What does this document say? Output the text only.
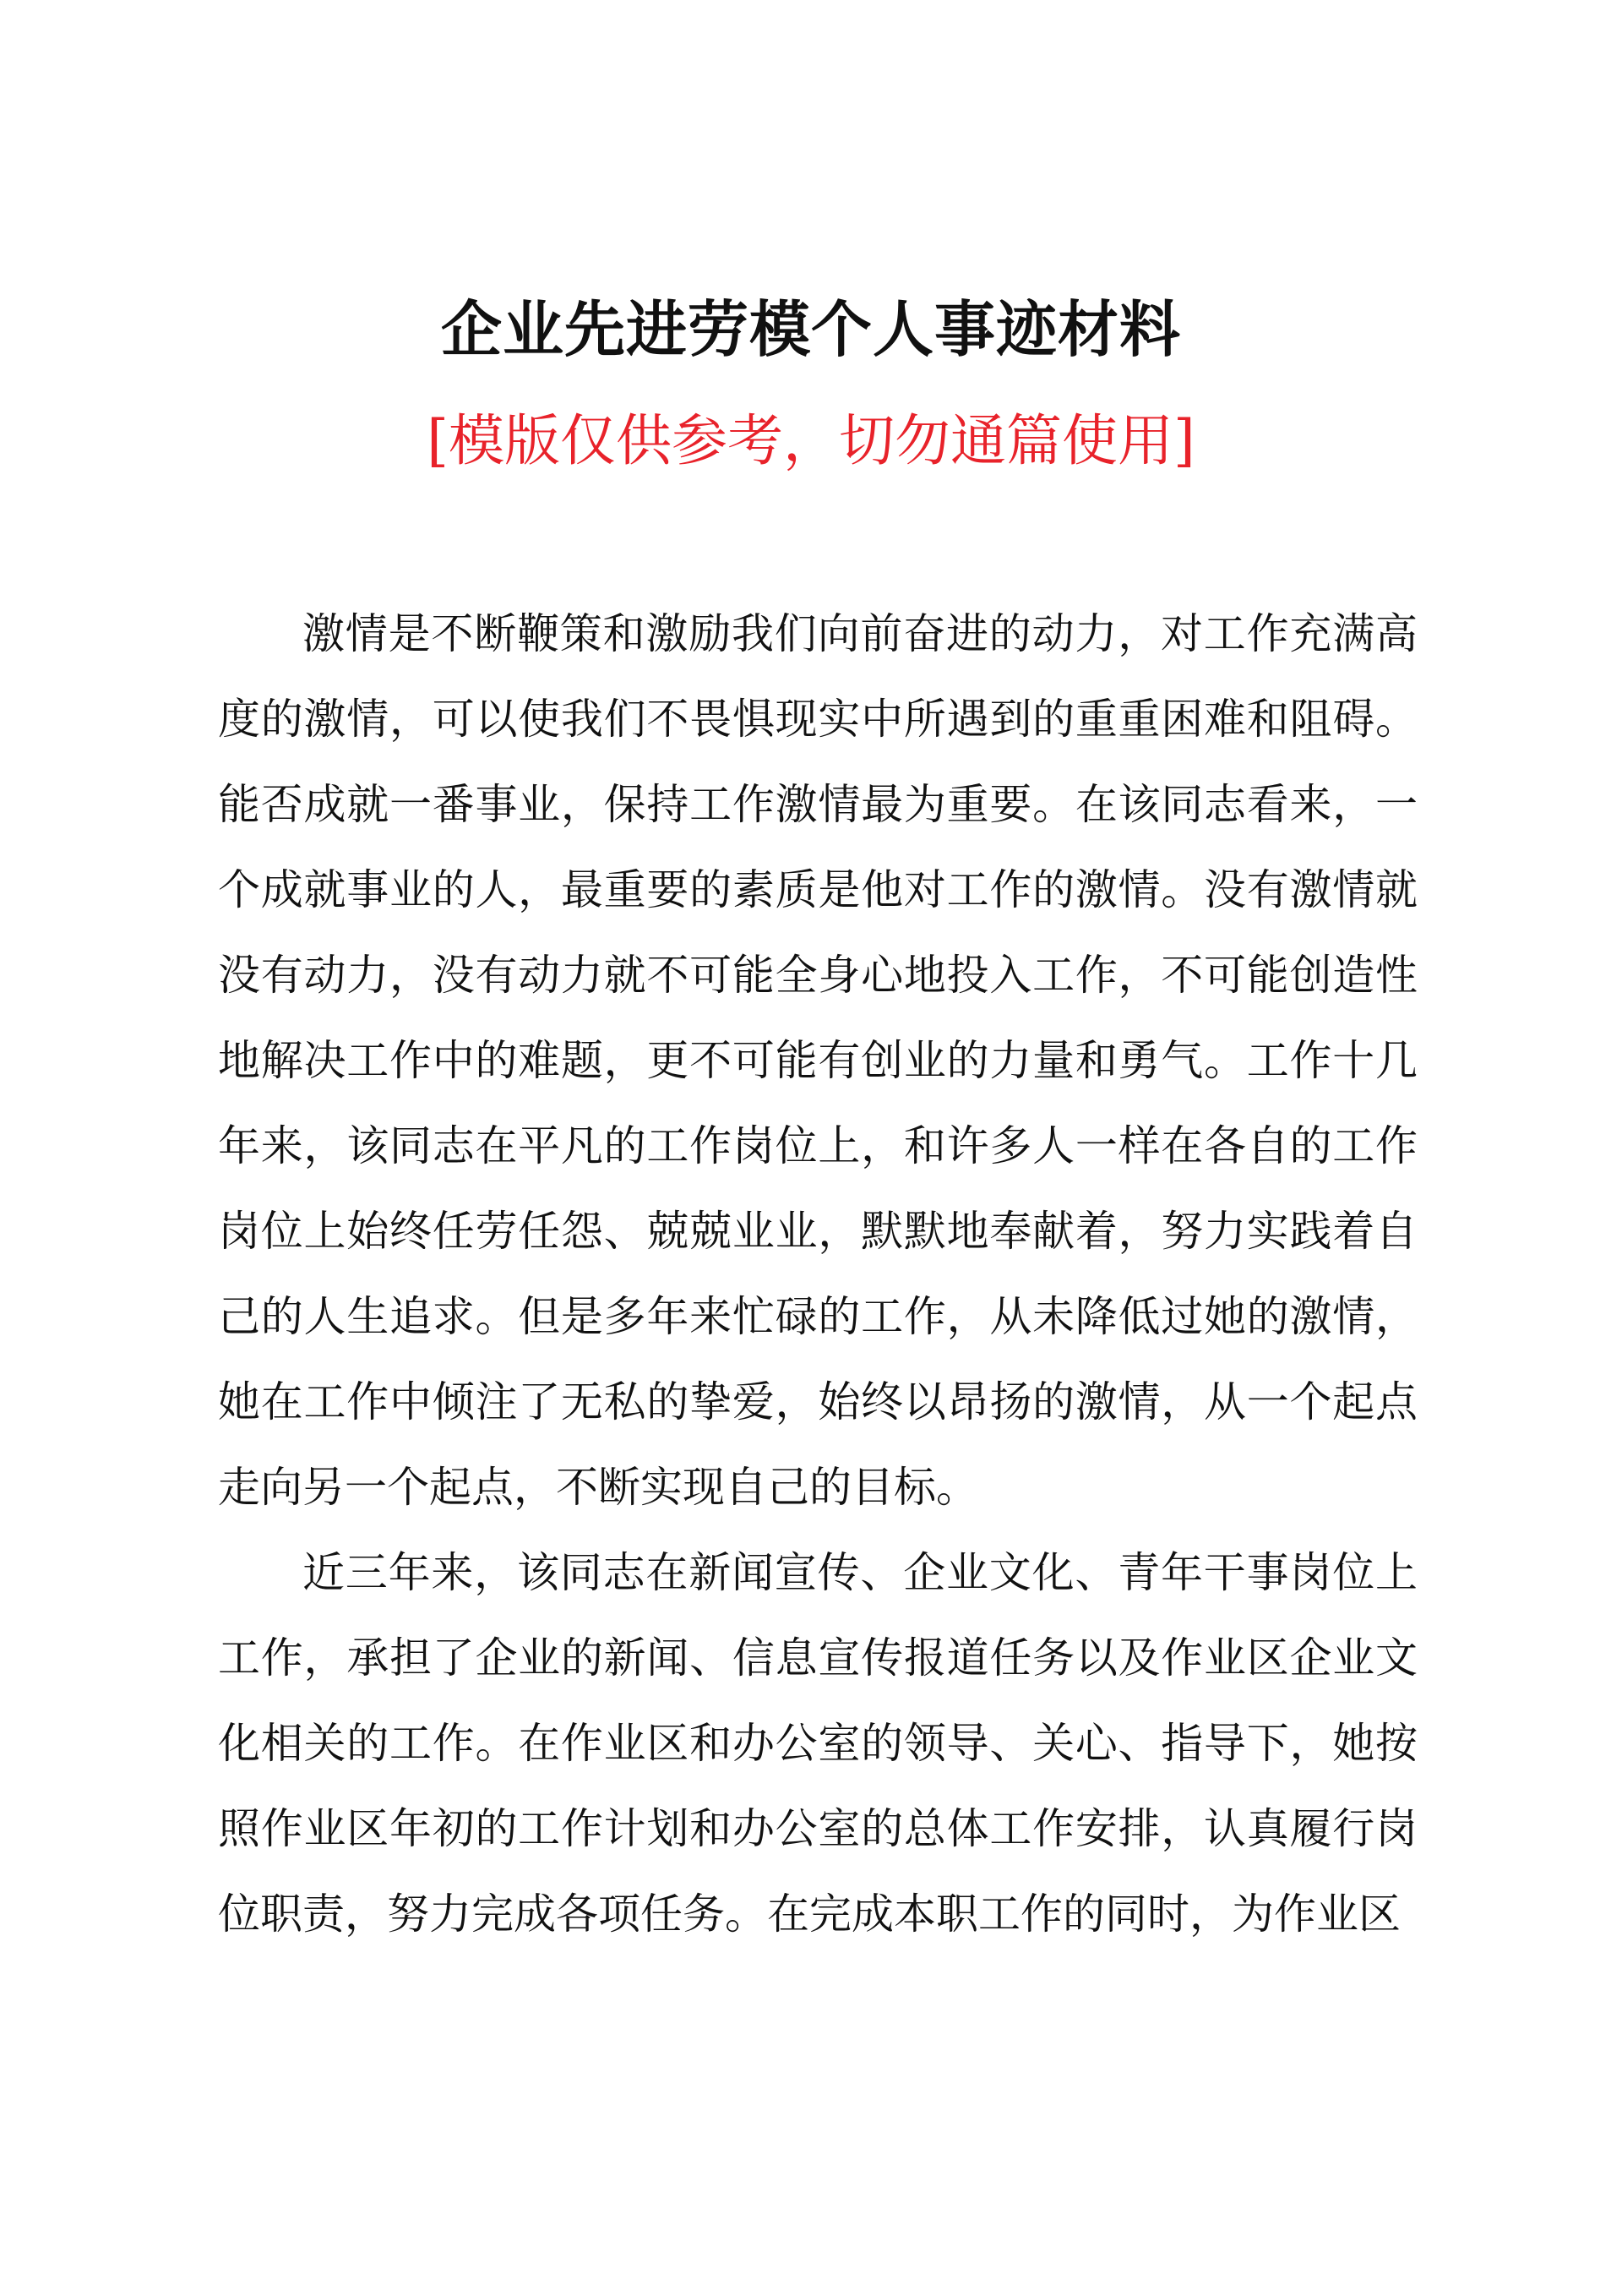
企业先进劳模个人事迹材料

[模版仅供参考，切勿通篇使用]

激情是不断鞭策和激励我们向前奋进的动力，对工作充满高度的激情，可以使我们不畏惧现实中所遇到的重重困难和阻碍。能否成就一番事业，保持工作激情最为重要。在该同志看来，一个成就事业的人，最重要的素质是他对工作的激情。没有激情就没有动力，没有动力就不可能全身心地投入工作，不可能创造性地解决工作中的难题，更不可能有创业的力量和勇气。工作十几年来，该同志在平凡的工作岗位上，和许多人一样在各自的工作岗位上始终任劳任怨、兢兢业业，默默地奉献着，努力实践着自己的人生追求。但是多年来忙碌的工作，从未降低过她的激情，她在工作中倾注了无私的挚爱，始终以昂扬的激情，从一个起点走向另一个起点，不断实现自己的目标。

近三年来，该同志在新闻宣传、企业文化、青年干事岗位上工作，承担了企业的新闻、信息宣传报道任务以及作业区企业文化相关的工作。在作业区和办公室的领导、关心、指导下，她按照作业区年初的工作计划和办公室的总体工作安排，认真履行岗位职责，努力完成各项任务。在完成本职工作的同时，为作业区
